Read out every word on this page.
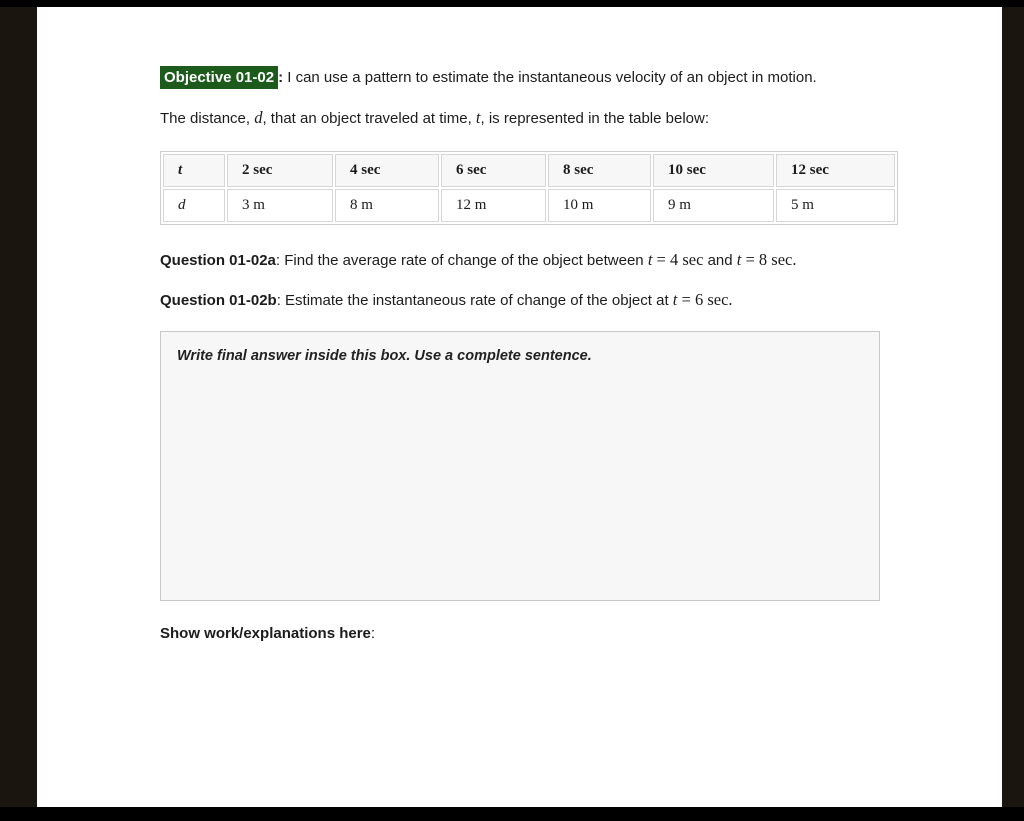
Objective 01-02 : I can use a pattern to estimate the instantaneous velocity of an object in motion.

The distance, d, that an object traveled at time, t, is represented in the table below:

t	2 sec	4 sec	6 sec	8 sec	10 sec	12 sec
d	3 m	8 m	12 m	10 m	9 m	5 m

Question 01-02a: Find the average rate of change of the object between t = 4 sec and t = 8 sec.

Question 01-02b: Estimate the instantaneous rate of change of the object at t = 6 sec.

Write final answer inside this box. Use a complete sentence.

Show work/explanations here:
